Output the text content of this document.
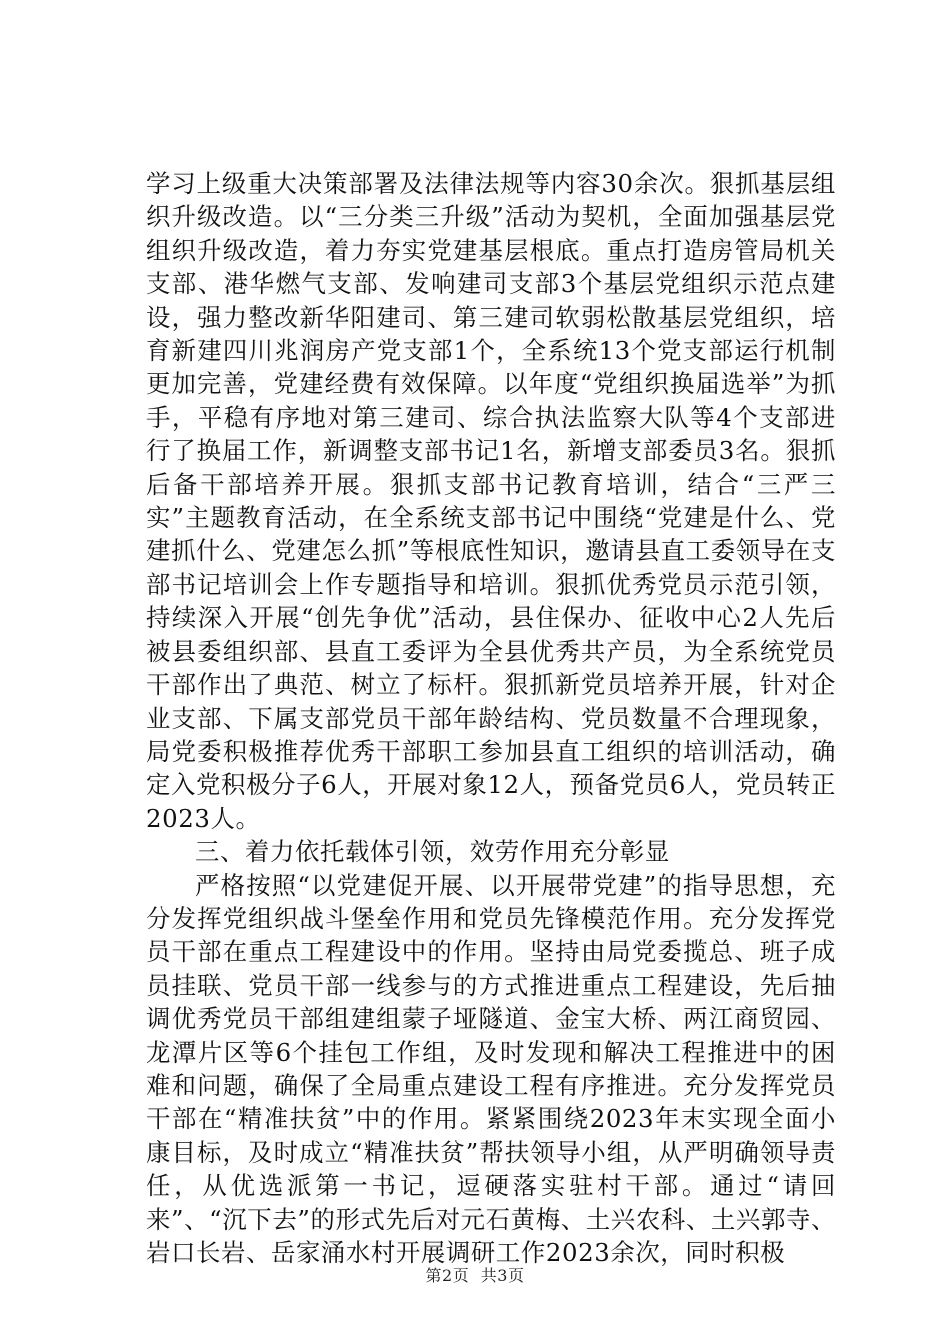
学习上级重大决策部署及法律法规等内容30余次。狠抓基层组织升级改造。以“三分类三升级”活动为契机，全面加强基层党组织升级改造，着力夯实党建基层根底。重点打造房管局机关支部、港华燃气支部、发响建司支部3个基层党组织示范点建设，强力整改新华阳建司、第三建司软弱松散基层党组织，培育新建四川兆润房产党支部1个，全系统13个党支部运行机制更加完善，党建经费有效保障。以年度“党组织换届选举”为抓手，平稳有序地对第三建司、综合执法监察大队等4个支部进行了换届工作，新调整支部书记1名，新增支部委员3名。狠抓后备干部培养开展。狠抓支部书记教育培训，结合“三严三实”主题教育活动，在全系统支部书记中围绕“党建是什么、党建抓什么、党建怎么抓”等根底性知识，邀请县直工委领导在支部书记培训会上作专题指导和培训。狠抓优秀党员示范引领，持续深入开展“创先争优”活动，县住保办、征收中心2人先后被县委组织部、县直工委评为全县优秀共产员，为全系统党员干部作出了典范、树立了标杆。狠抓新党员培养开展，针对企业支部、下属支部党员干部年龄结构、党员数量不合理现象，局党委积极推荐优秀干部职工参加县直工组织的培训活动，确定入党积极分子6人，开展对象12人，预备党员6人，党员转正2023人。

三、着力依托载体引领，效劳作用充分彰显

严格按照“以党建促开展、以开展带党建”的指导思想，充分发挥党组织战斗堡垒作用和党员先锋模范作用。充分发挥党员干部在重点工程建设中的作用。坚持由局党委揽总、班子成员挂联、党员干部一线参与的方式推进重点工程建设，先后抽调优秀党员干部组建组蒙子垭隧道、金宝大桥、两江商贸园、龙潭片区等6个挂包工作组，及时发现和解决工程推进中的困难和问题，确保了全局重点建设工程有序推进。充分发挥党员干部在“精准扶贫”中的作用。紧紧围绕2023年末实现全面小康目标，及时成立“精准扶贫”帮扶领导小组，从严明确领导责任，从优选派第一书记，逗硬落实驻村干部。通过“请回来”、“沉下去”的形式先后对元石黄梅、土兴农科、土兴郭寺、岩口长岩、岳家涌水村开展调研工作2023余次，同时积极

第2页 共3页
